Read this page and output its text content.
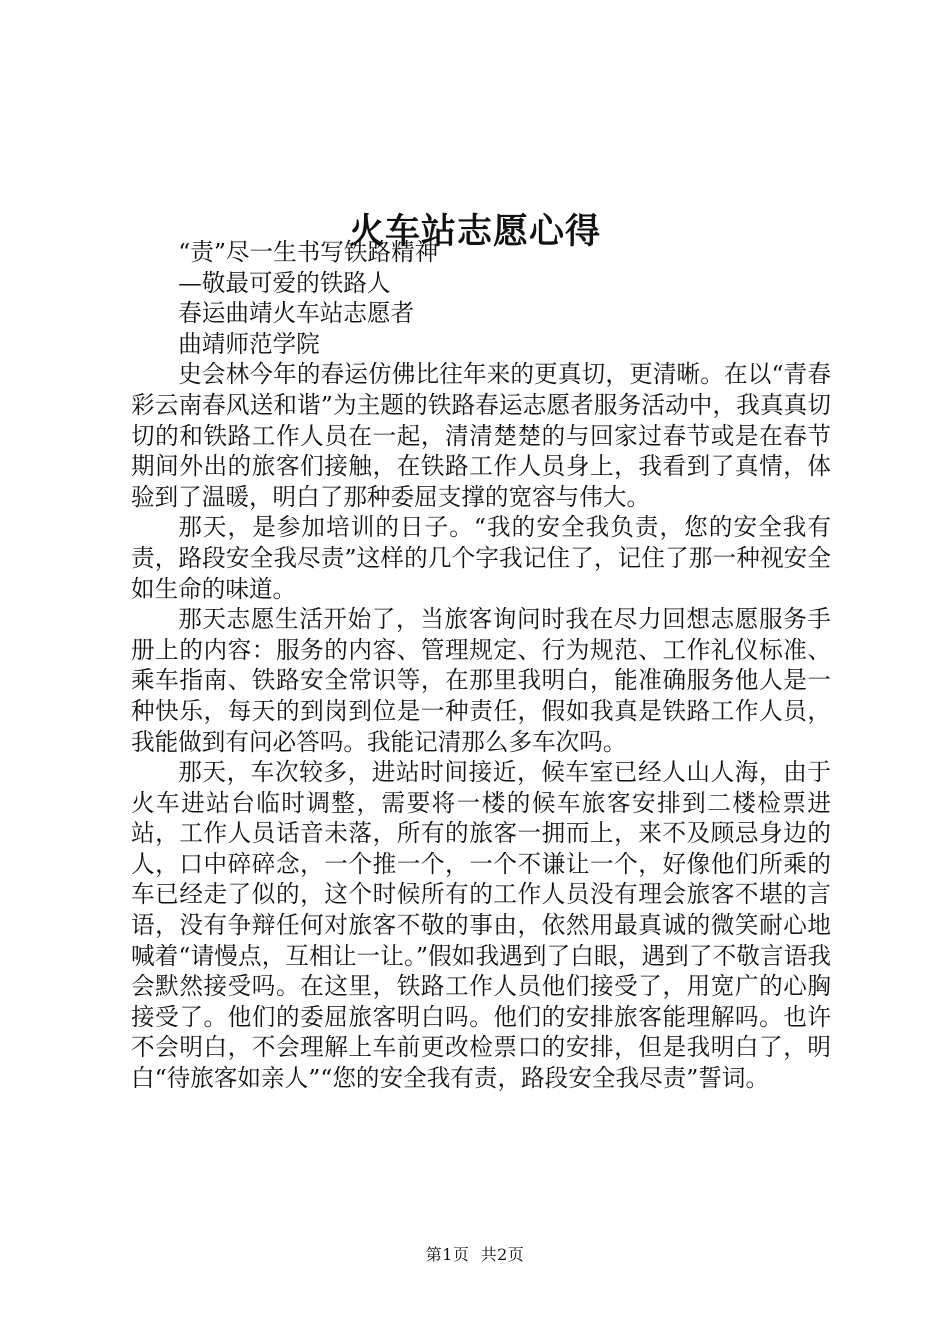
火车站志愿心得

“责”尽一生书写铁路精神

—敬最可爱的铁路人

春运曲靖火车站志愿者

曲靖师范学院

史会林今年的春运仿佛比往年来的更真切，更清晰。在以“青春彩云南春风送和谐”为主题的铁路春运志愿者服务活动中，我真真切切的和铁路工作人员在一起，清清楚楚的与回家过春节或是在春节期间外出的旅客们接触，在铁路工作人员身上，我看到了真情，体验到了温暖，明白了那种委屈支撑的宽容与伟大。

那天，是参加培训的日子。“我的安全我负责，您的安全我有责，路段安全我尽责”这样的几个字我记住了，记住了那一种视安全如生命的味道。

那天志愿生活开始了，当旅客询问时我在尽力回想志愿服务手册上的内容：服务的内容、管理规定、行为规范、工作礼仪标准、乘车指南、铁路安全常识等，在那里我明白，能准确服务他人是一种快乐，每天的到岗到位是一种责任，假如我真是铁路工作人员，我能做到有问必答吗。我能记清那么多车次吗。

那天，车次较多，进站时间接近，候车室已经人山人海，由于火车进站台临时调整，需要将一楼的候车旅客安排到二楼检票进站，工作人员话音未落，所有的旅客一拥而上，来不及顾忌身边的人，口中碎碎念，一个推一个，一个不谦让一个，好像他们所乘的车已经走了似的，这个时候所有的工作人员没有理会旅客不堪的言语，没有争辩任何对旅客不敬的事由，依然用最真诚的微笑耐心地喊着“请慢点，互相让一让。”假如我遇到了白眼，遇到了不敬言语我会默然接受吗。在这里，铁路工作人员他们接受了，用宽广的心胸接受了。他们的委屈旅客明白吗。他们的安排旅客能理解吗。也许不会明白，不会理解上车前更改检票口的安排，但是我明白了，明白“待旅客如亲人”“您的安全我有责，路段安全我尽责”誓词。

第1页  共2页
